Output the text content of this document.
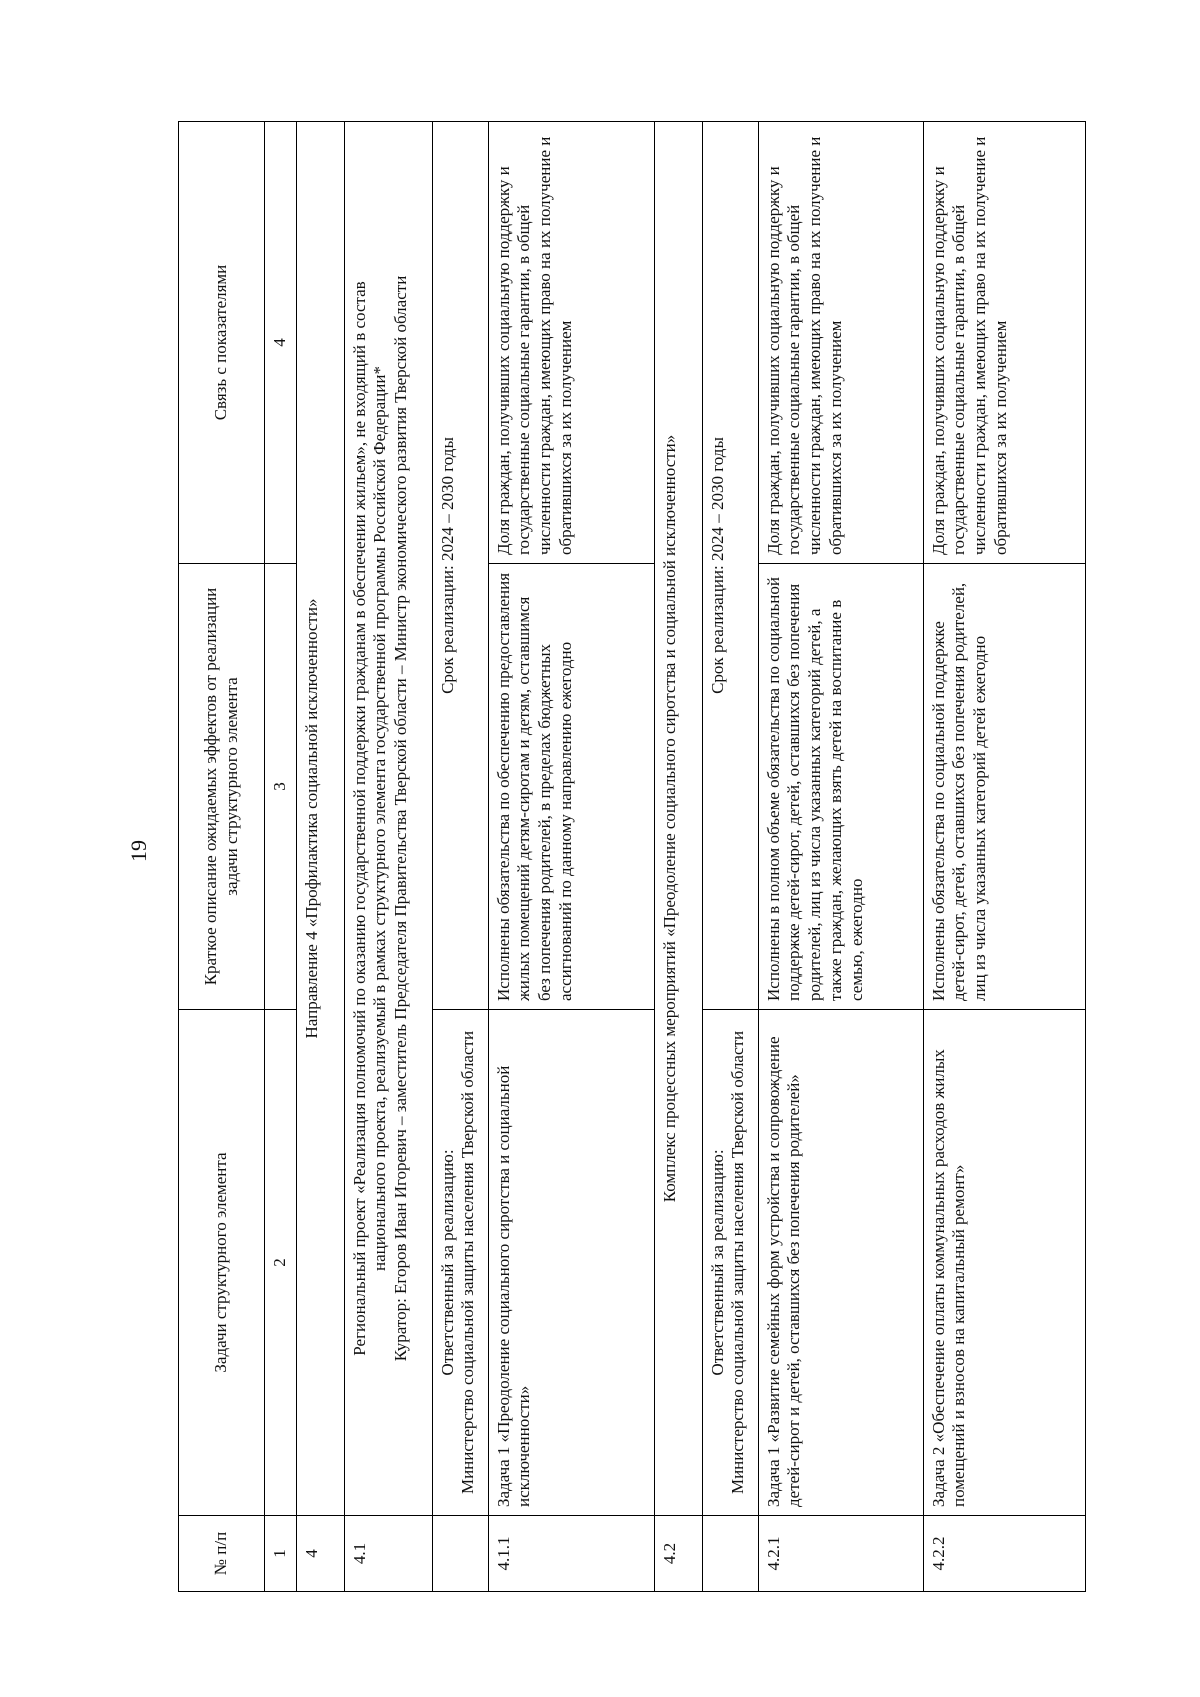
19
№ п/п	Задачи структурного элемента	Краткое описание ожидаемых эффектов от реализации задачи структурного элемента	Связь с показателями
1	2	3	4
4	Направление 4 «Профилактика социальной исключенности»		
4.1	Региональный проект «Реализация полномочий по оказанию государственной поддержки гражданам в обеспечении жильем», не входящий в состав национального проекта, реализуемый в рамках структурного элемента государственной программы Российской Федерации* Куратор: Егоров Иван Игоревич – заместитель Председателя Правительства Тверской области – Министр экономического развития Тверской области		

	Ответственный за реализацию: Министерство социальной защиты населения Тверской области	Срок реализации: 2024 – 2030 годы	
4.1.1	Задача 1 «Преодоление социального сиротства и социальной исключенности»	Исполнены обязательства по обеспечению предоставления жилых помещений детям-сиротам и детям, оставшимся без попечения родителей, в пределах бюджетных ассигнований по данному направлению ежегодно	Доля граждан, получивших социальную поддержку и государственные социальные гарантии, в общей численности граждан, имеющих право на их получение и обратившихся за их получением
4.2	Комплекс процессных мероприятий «Преодоление социального сиротства и социальной исключенности»		

	Ответственный за реализацию: Министерство социальной защиты населения Тверской области	Срок реализации: 2024 – 2030 годы	
4.2.1	Задача 1 «Развитие семейных форм устройства и сопровождение детей-сирот и детей, оставшихся без попечения родителей»	Исполнены в полном объеме обязательства по социальной поддержке детей-сирот, детей, оставшихся без попечения родителей, лиц из числа указанных категорий детей, а также граждан, желающих взять детей на воспитание в семью, ежегодно	Доля граждан, получивших социальную поддержку и государственные социальные гарантии, в общей численности граждан, имеющих право на их получение и обратившихся за их получением
4.2.2	Задача 2 «Обеспечение оплаты коммунальных расходов жилых помещений и взносов на капитальный ремонт»	Исполнены обязательства по социальной поддержке детей-сирот, детей, оставшихся без попечения родителей, лиц из числа указанных категорий детей ежегодно	Доля граждан, получивших социальную поддержку и государственные социальные гарантии, в общей численности граждан, имеющих право на их получение и обратившихся за их получением
